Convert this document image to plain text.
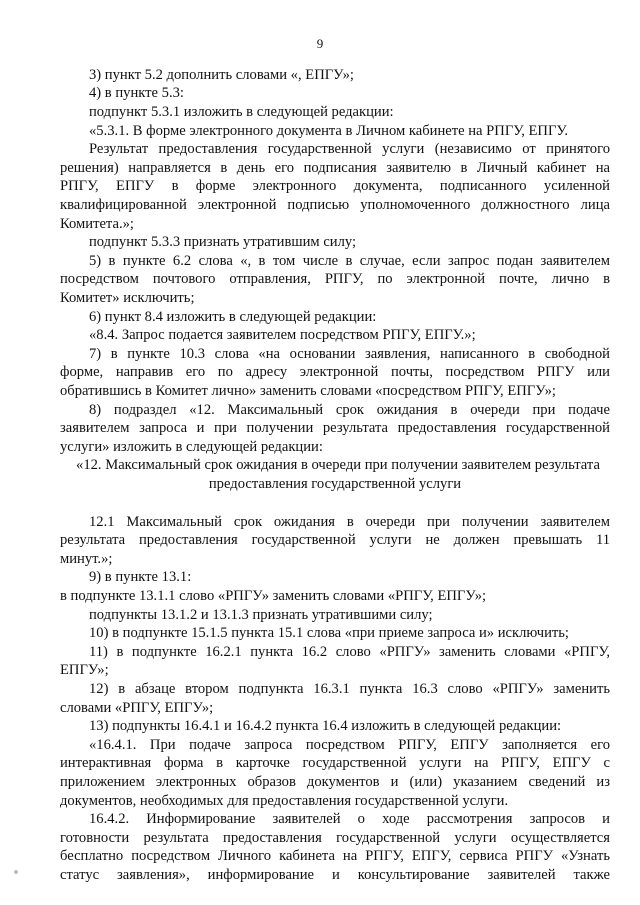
9
3) пункт 5.2 дополнить словами «, ЕПГУ»;
4) в пункте 5.3:
подпункт 5.3.1 изложить в следующей редакции:
«5.3.1. В форме электронного документа в Личном кабинете на РПГУ, ЕПГУ.
Результат предоставления государственной услуги (независимо от принятого
решения) направляется в день его подписания заявителю в Личный кабинет на
РПГУ, ЕПГУ в форме электронного документа, подписанного усиленной
квалифицированной электронной подписью уполномоченного должностного лица
Комитета.»;
подпункт 5.3.3 признать утратившим силу;
5) в пункте 6.2 слова «, в том числе в случае, если запрос подан заявителем
посредством почтового отправления, РПГУ, по электронной почте, лично в
Комитет» исключить;
6) пункт 8.4 изложить в следующей редакции:
«8.4. Запрос подается заявителем посредством РПГУ, ЕПГУ.»;
7) в пункте 10.3 слова «на основании заявления, написанного в свободной
форме, направив его по адресу электронной почты, посредством РПГУ или
обратившись в Комитет лично» заменить словами «посредством РПГУ, ЕПГУ»;
8) подраздел «12. Максимальный срок ожидания в очереди при подаче
заявителем запроса и при получении результата предоставления государственной
услуги» изложить в следующей редакции:
«12. Максимальный срок ожидания в очереди при получении заявителем результата
предоставления государственной услуги
12.1 Максимальный срок ожидания в очереди при получении заявителем
результата предоставления государственной услуги не должен превышать 11
минут.»;
9) в пункте 13.1:
в подпункте 13.1.1 слово «РПГУ» заменить словами «РПГУ, ЕПГУ»;
подпункты 13.1.2 и 13.1.3 признать утратившими силу;
10) в подпункте 15.1.5 пункта 15.1 слова «при приеме запроса и» исключить;
11) в подпункте 16.2.1 пункта 16.2 слово «РПГУ» заменить словами «РПГУ,
ЕПГУ»;
12) в абзаце втором подпункта 16.3.1 пункта 16.3 слово «РПГУ» заменить
словами «РПГУ, ЕПГУ»;
13) подпункты 16.4.1 и 16.4.2 пункта 16.4 изложить в следующей редакции:
«16.4.1. При подаче запроса посредством РПГУ, ЕПГУ заполняется его
интерактивная форма в карточке государственной услуги на РПГУ, ЕПГУ с
приложением электронных образов документов и (или) указанием сведений из
документов, необходимых для предоставления государственной услуги.
16.4.2. Информирование заявителей о ходе рассмотрения запросов и
готовности результата предоставления государственной услуги осуществляется
бесплатно посредством Личного кабинета на РПГУ, ЕПГУ, сервиса РПГУ «Узнать
статус заявления», информирование и консультирование заявителей также
